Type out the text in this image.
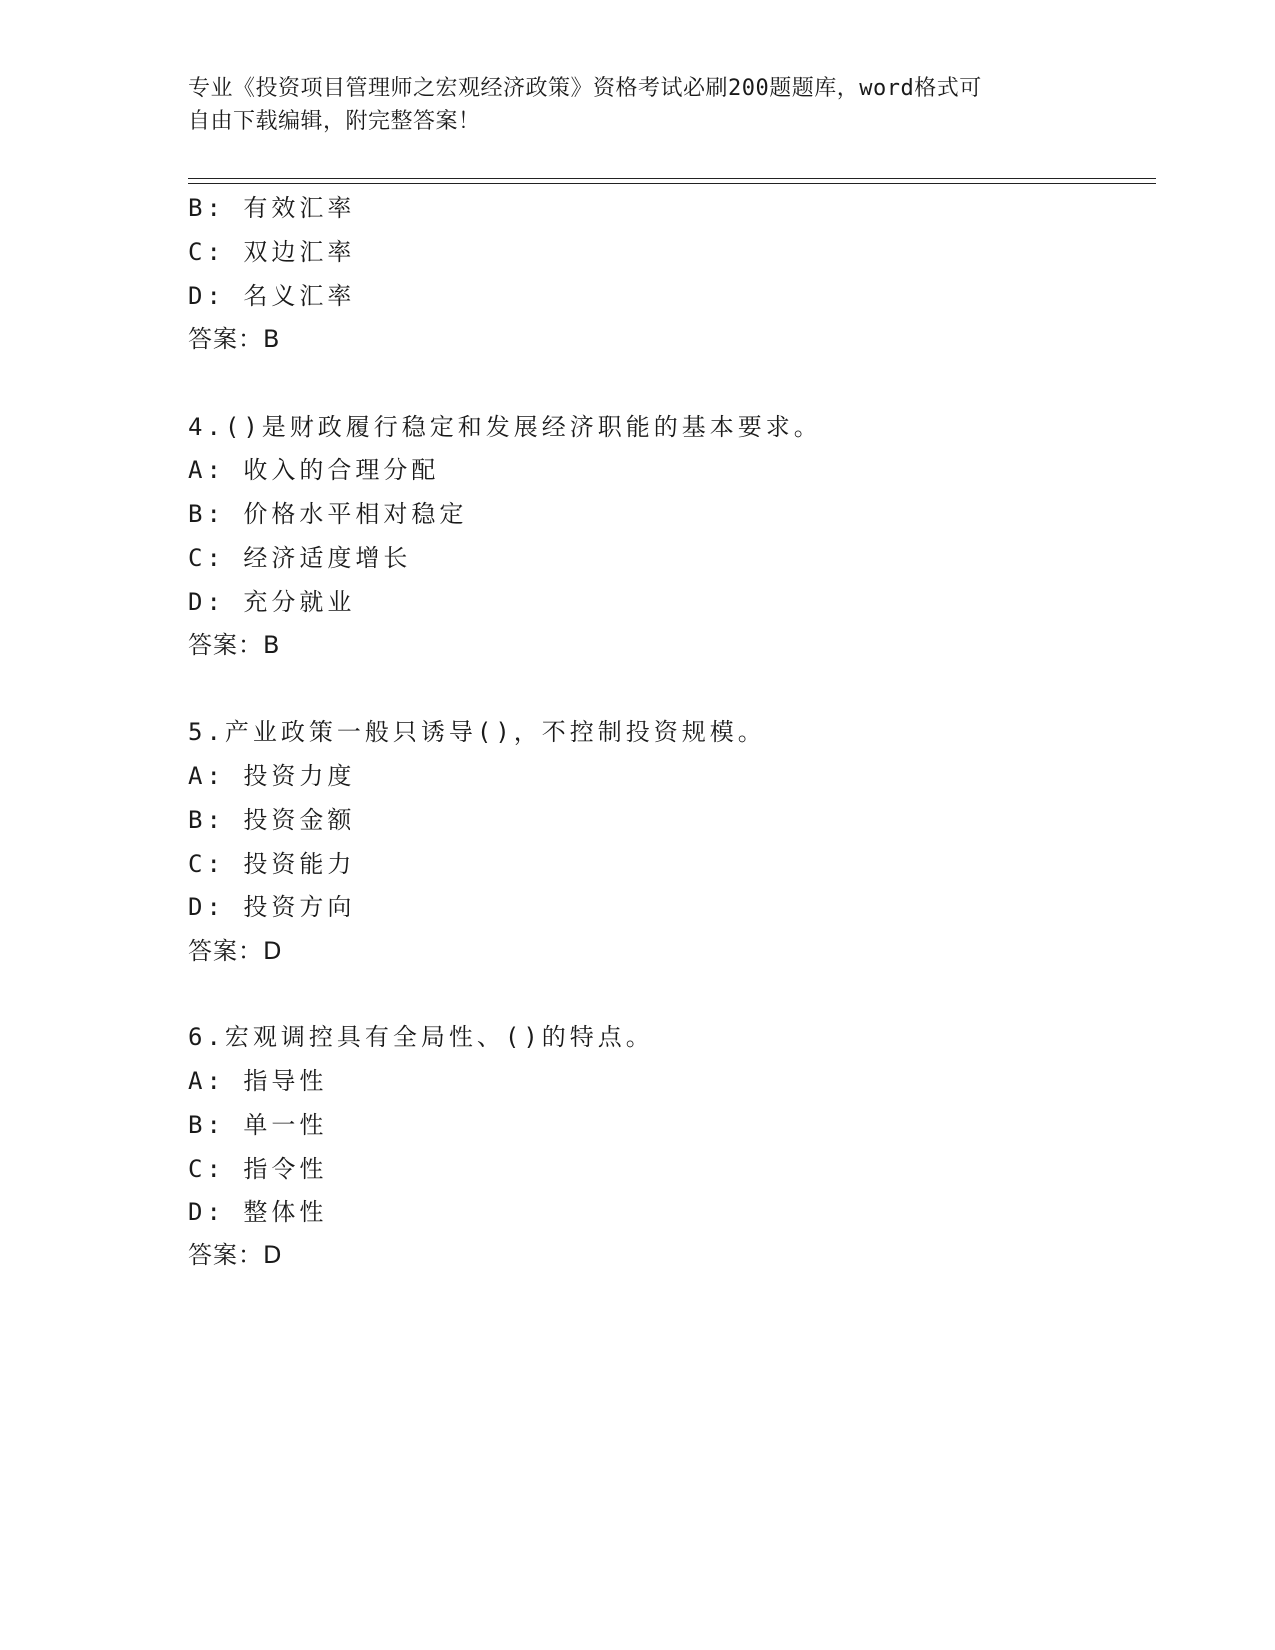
专业《投资项目管理师之宏观经济政策》资格考试必刷200题题库，word格式可
自由下载编辑，附完整答案！
B: 有效汇率
C: 双边汇率
D: 名义汇率
答案：B
4.()是财政履行稳定和发展经济职能的基本要求。
A: 收入的合理分配
B: 价格水平相对稳定
C: 经济适度增长
D: 充分就业
答案：B
5.产业政策一般只诱导()，不控制投资规模。
A: 投资力度
B: 投资金额
C: 投资能力
D: 投资方向
答案：D
6.宏观调控具有全局性、()的特点。
A: 指导性
B: 单一性
C: 指令性
D: 整体性
答案：D
